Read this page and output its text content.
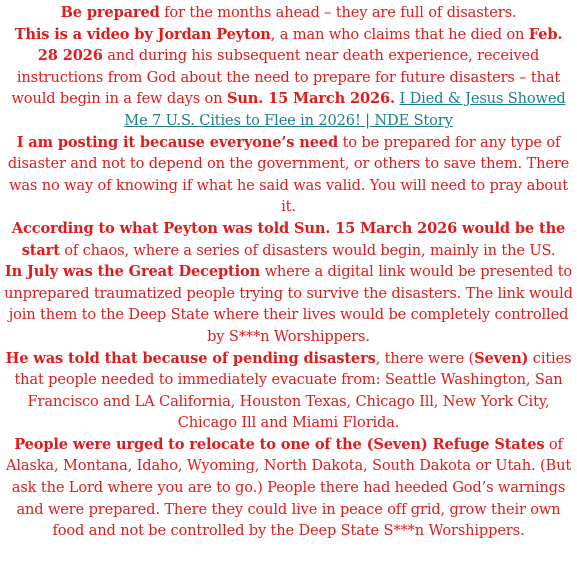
Be prepared for the months ahead – they are full of disasters.

This is a video by Jordan Peyton, a man who claims that he died on Feb. 28 2026 and during his subsequent near death experience, received instructions from God about the need to prepare for future disasters – that would begin in a few days on Sun. 15 March 2026. I Died & Jesus Showed Me 7 U.S. Cities to Flee in 2026! | NDE Story

I am posting it because everyone’s need to be prepared for any type of disaster and not to depend on the government, or others to save them. There was no way of knowing if what he said was valid. You will need to pray about it.

According to what Peyton was told Sun. 15 March 2026 would be the start of chaos, where a series of disasters would begin, mainly in the US.

In July was the Great Deception where a digital link would be presented to unprepared traumatized people trying to survive the disasters. The link would join them to the Deep State where their lives would be completely controlled by S***n Worshippers.

He was told that because of pending disasters, there were (Seven) cities that people needed to immediately evacuate from: Seattle Washington, San Francisco and LA California, Houston Texas, Chicago Ill, New York City, Chicago Ill and Miami Florida.

People were urged to relocate to one of the (Seven) Refuge States of Alaska, Montana, Idaho, Wyoming, North Dakota, South Dakota or Utah. (But ask the Lord where you are to go.) People there had heeded God’s warnings and were prepared. There they could live in peace off grid, grow their own food and not be controlled by the Deep State S***n Worshippers.
